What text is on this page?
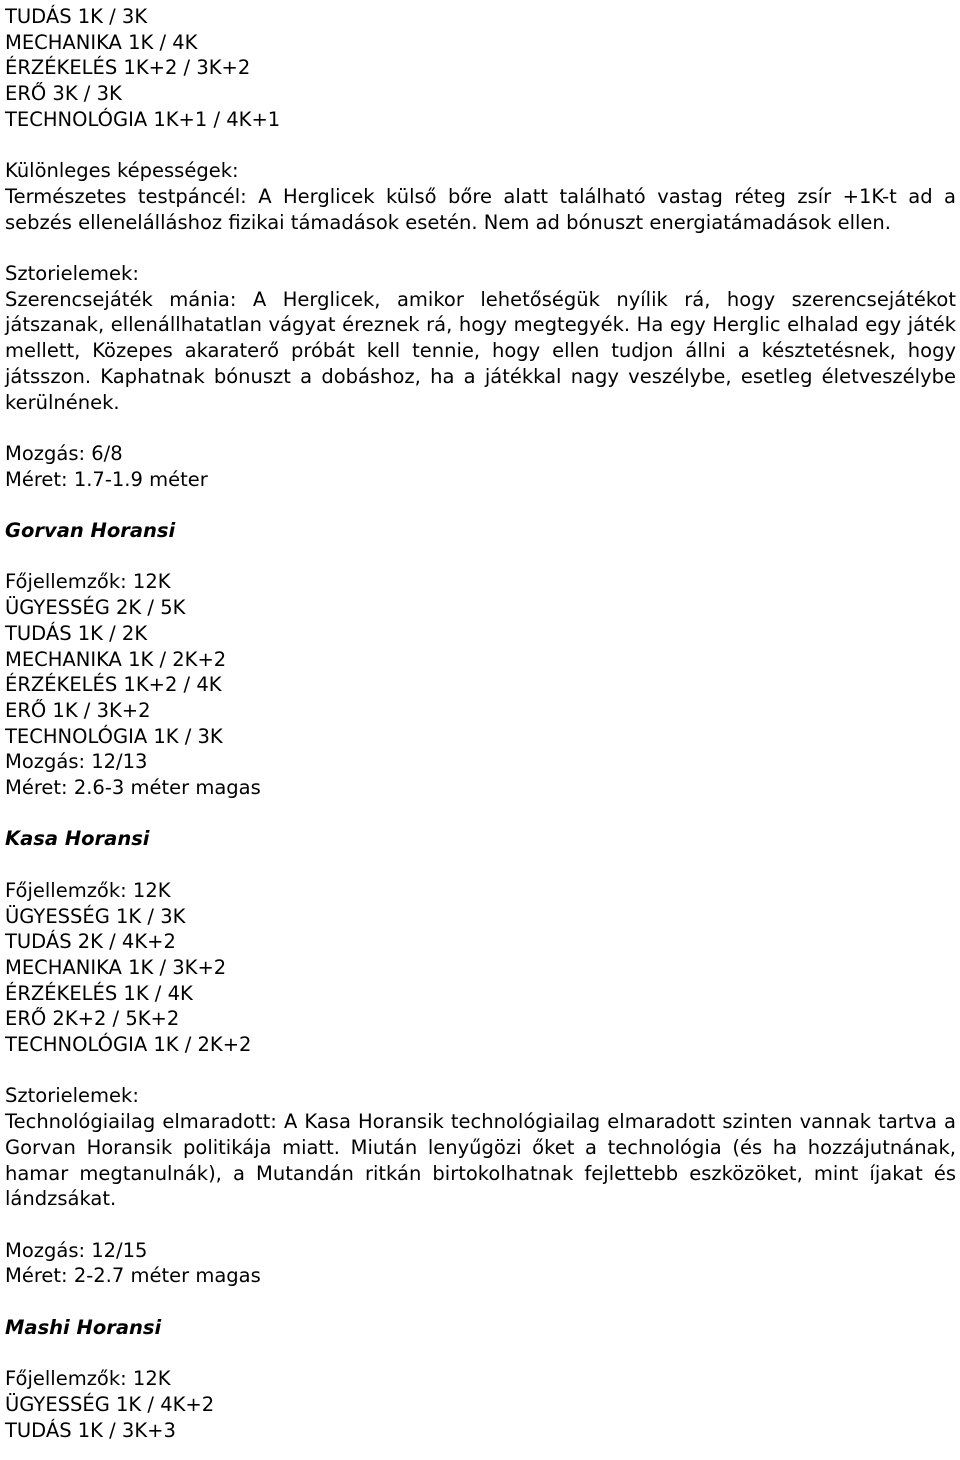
TUDÁS 1K / 3K
MECHANIKA 1K / 4K
ÉRZÉKELÉS 1K+2 / 3K+2
ERŐ 3K / 3K
TECHNOLÓGIA 1K+1 / 4K+1
Különleges képességek:
Természetes testpáncél: A Herglicek külső bőre alatt található vastag réteg zsír +1K-t ad a sebzés ellenelálláshoz fizikai támadások esetén. Nem ad bónuszt energiatámadások ellen.
Sztorielemek:
Szerencsejáték mánia: A Herglicek, amikor lehetőségük nyílik rá, hogy szerencsejátékot játszanak, ellenállhatatlan vágyat éreznek rá, hogy megtegyék. Ha egy Herglic elhalad egy játék mellett, Közepes akaraterő próbát kell tennie, hogy ellen tudjon állni a késztetésnek, hogy játsszon. Kaphatnak bónuszt a dobáshoz, ha a játékkal nagy veszélybe, esetleg életveszélybe kerülnének.
Mozgás: 6/8
Méret: 1.7-1.9 méter
Gorvan Horansi
Főjellemzők: 12K
ÜGYESSÉG 2K / 5K
TUDÁS 1K / 2K
MECHANIKA 1K / 2K+2
ÉRZÉKELÉS 1K+2 / 4K
ERŐ 1K / 3K+2
TECHNOLÓGIA 1K / 3K
Mozgás: 12/13
Méret: 2.6-3 méter magas
Kasa Horansi
Főjellemzők: 12K
ÜGYESSÉG 1K / 3K
TUDÁS 2K / 4K+2
MECHANIKA 1K / 3K+2
ÉRZÉKELÉS 1K / 4K
ERŐ 2K+2 / 5K+2
TECHNOLÓGIA 1K / 2K+2
Sztorielemek:
Technológiailag elmaradott: A Kasa Horansik technológiailag elmaradott szinten vannak tartva a Gorvan Horansik politikája miatt. Miután lenyűgözi őket a technológia (és ha hozzájutnának, hamar megtanulnák), a Mutandán ritkán birtokolhatnak fejlettebb eszközöket, mint íjakat és lándzsákat.
Mozgás: 12/15
Méret: 2-2.7 méter magas
Mashi Horansi
Főjellemzők: 12K
ÜGYESSÉG 1K / 4K+2
TUDÁS 1K / 3K+3
